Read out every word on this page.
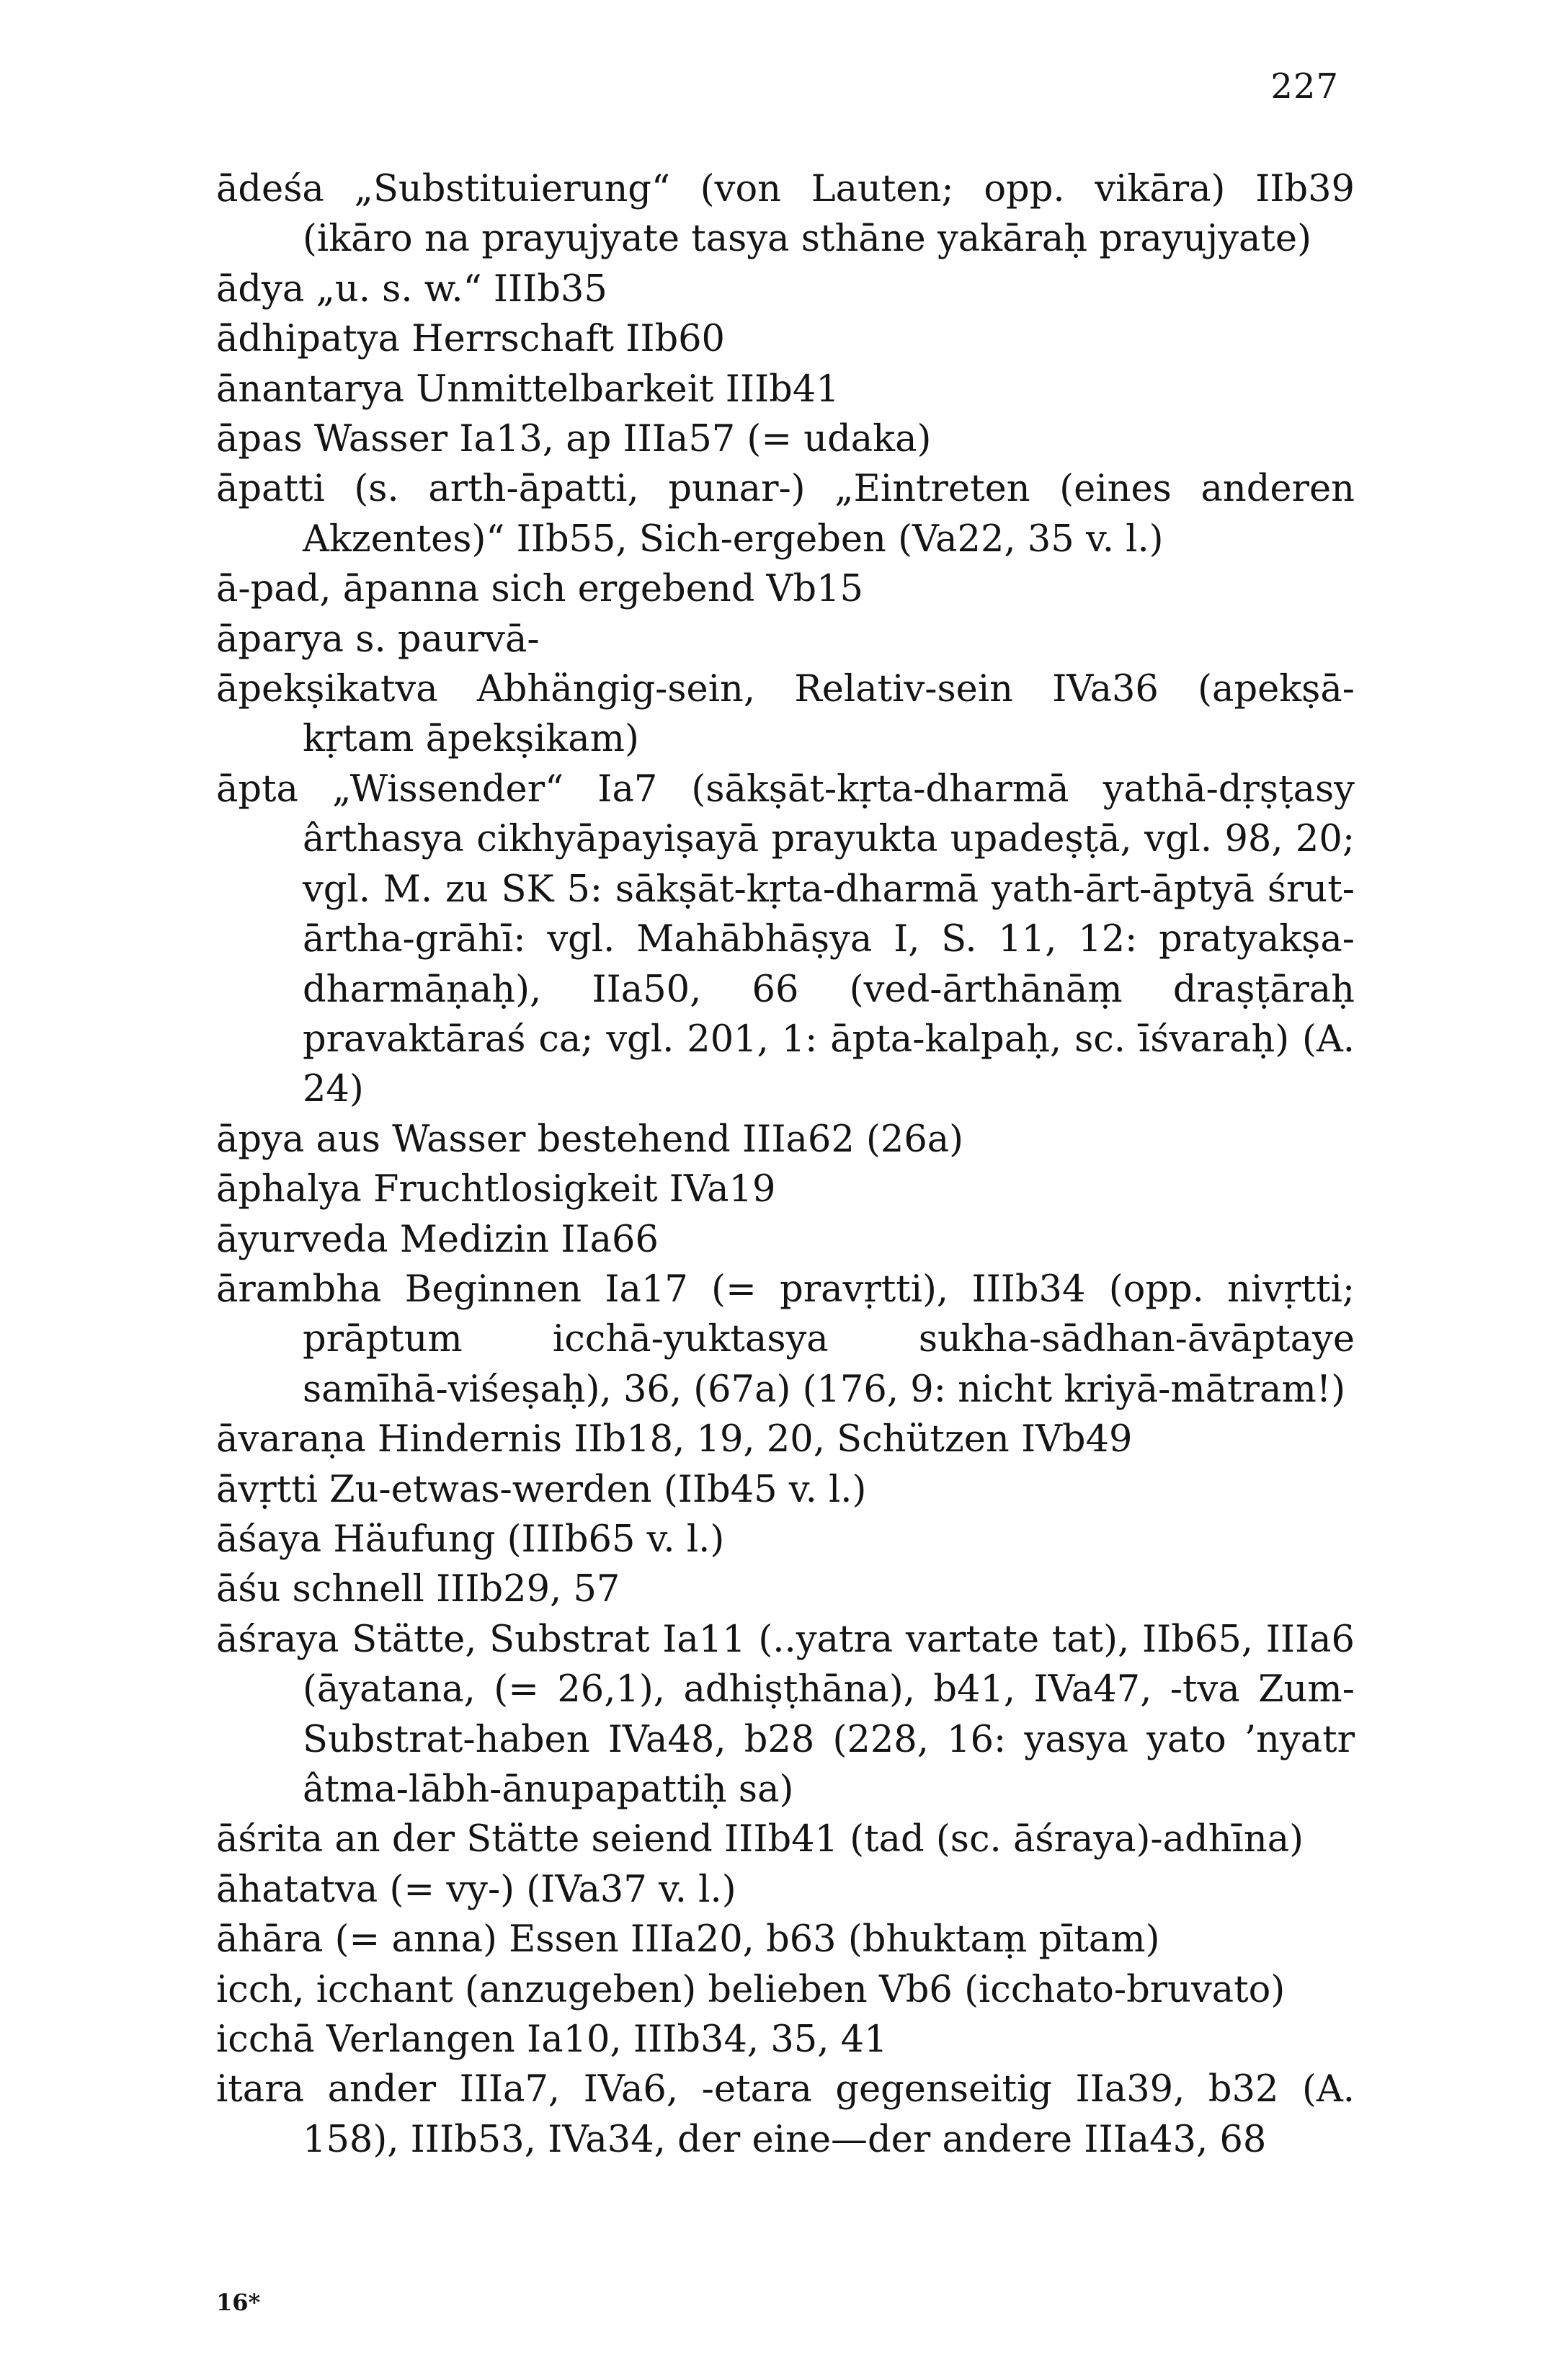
227

ādeśa „Substituierung“ (von Lauten; opp. vikāra) IIb39 (ikāro na prayujyate tasya sthāne yakāraḥ prayujyate)

ādya „u. s. w.“ IIIb35

ādhipatya Herrschaft IIb60

ānantarya Unmittelbarkeit IIIb41

āpas Wasser Ia13, ap IIIa57 (= udaka)

āpatti (s. arth-āpatti, punar-) „Eintreten (eines anderen Akzentes)“ IIb55, Sich-ergeben (Va22, 35 v. l.)

ā-pad, āpanna sich ergebend Vb15

āparya s. paurvā-

āpekṣikatva Abhängig-sein, Relativ-sein IVa36 (apekṣā-kṛtam āpekṣikam)

āpta „Wissender“ Ia7 (sākṣāt-kṛta-dharmā yathā-dṛṣṭasy ârthasya cikhyāpayiṣayā prayukta upadeṣṭā, vgl. 98, 20; vgl. M. zu SK 5: sākṣāt-kṛta-dharmā yath-ārt-āptyā śrut-ārtha-grāhī: vgl. Mahābhāṣya I, S. 11, 12: pratyakṣa-dharmāṇaḥ), IIa50, 66 (ved-ārthānāṃ draṣṭāraḥ pravaktāraś ca; vgl. 201, 1: āpta-kalpaḥ, sc. īśvaraḥ) (A. 24)

āpya aus Wasser bestehend IIIa62 (26a)

āphalya Fruchtlosigkeit IVa19

āyurveda Medizin IIa66

ārambha Beginnen Ia17 (= pravṛtti), IIIb34 (opp. nivṛtti; prāptum icchā-yuktasya sukha-sādhan-āvāptaye samīhā-viśeṣaḥ), 36, (67a) (176, 9: nicht kriyā-mātram!)

āvaraṇa Hindernis IIb18, 19, 20, Schützen IVb49

āvṛtti Zu-etwas-werden (IIb45 v. l.)

āśaya Häufung (IIIb65 v. l.)

āśu schnell IIIb29, 57

āśraya Stätte, Substrat Ia11 (..yatra vartate tat), IIb65, IIIa6 (āyatana, (= 26,1), adhiṣṭhāna), b41, IVa47, -tva Zum-Substrat-haben IVa48, b28 (228, 16: yasya yato ’nyatr âtma-lābh-ānupapattiḥ sa)

āśrita an der Stätte seiend IIIb41 (tad (sc. āśraya)-adhīna)

āhatatva (= vy-) (IVa37 v. l.)

āhāra (= anna) Essen IIIa20, b63 (bhuktaṃ pītam)

icch, icchant (anzugeben) belieben Vb6 (icchato-bruvato)

icchā Verlangen Ia10, IIIb34, 35, 41

itara ander IIIa7, IVa6, -etara gegenseitig IIa39, b32 (A. 158), IIIb53, IVa34, der eine—der andere IIIa43, 68

16*
